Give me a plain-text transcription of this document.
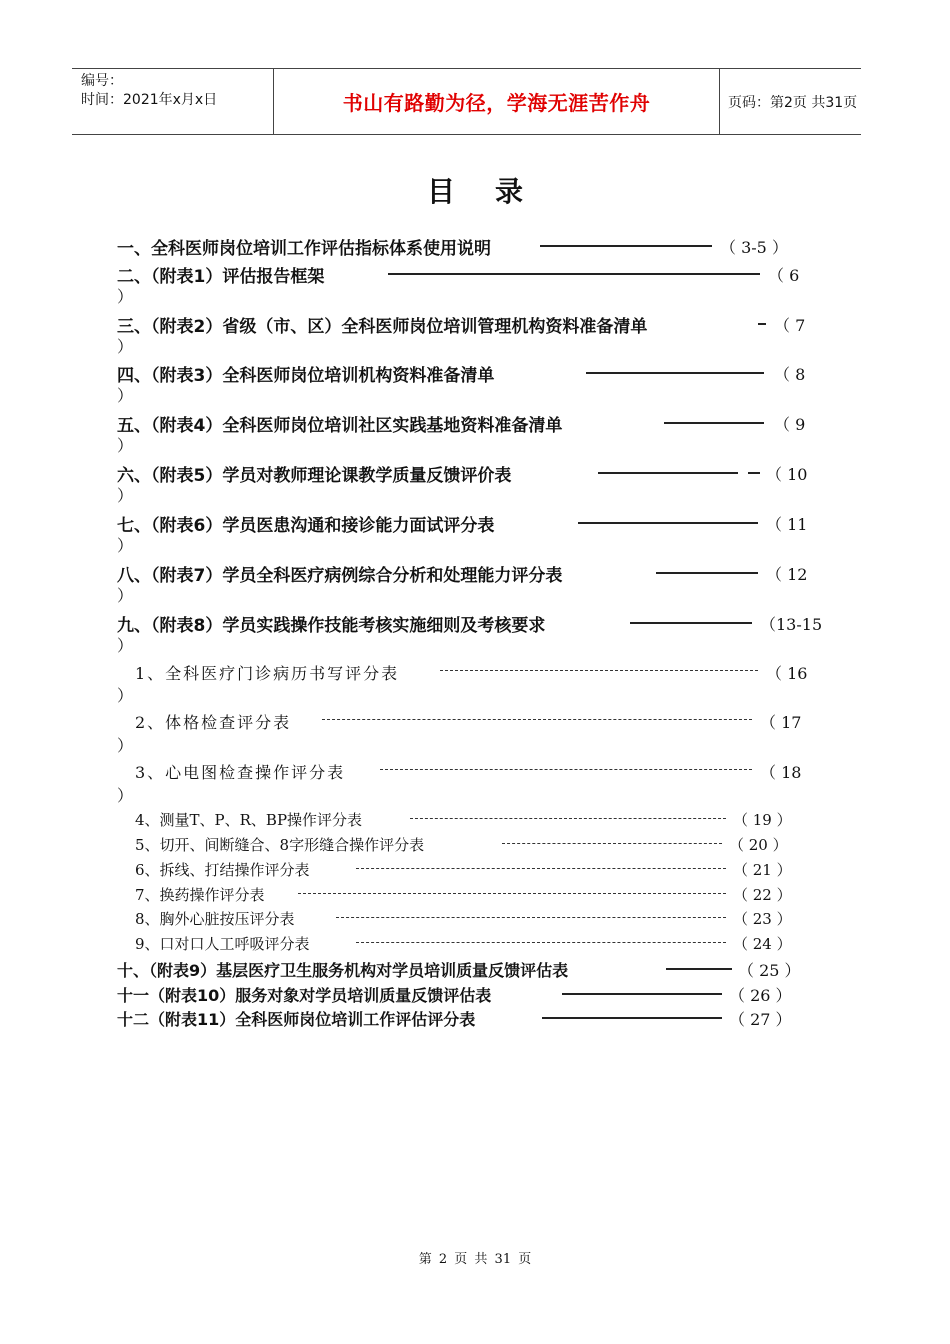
编号：
时间：2021年x月x日	书山有路勤为径，学海无涯苦作舟	页码：第2页 共31页
目录
一、全科医师岗位培训工作评估指标体系使用说明	（ 3-5 ）
二、（附表1）评估报告框架	（ 6
）
三、（附表2）省级（市、区）全科医师岗位培训管理机构资料准备清单	（ 7
）
四、（附表3）全科医师岗位培训机构资料准备清单	（ 8
）
五、（附表4）全科医师岗位培训社区实践基地资料准备清单	（ 9
）
六、（附表5）学员对教师理论课教学质量反馈评价表	（ 10
）
七、（附表6）学员医患沟通和接诊能力面试评分表	（ 11
）
八、（附表7）学员全科医疗病例综合分析和处理能力评分表	（ 12
）
九、（附表8）学员实践操作技能考核实施细则及考核要求	（13-15
）
1、全科医疗门诊病历书写评分表	（ 16
）
2、体格检查评分表	（ 17
）
3、心电图检查操作评分表	（ 18
）
4、测量T、P、R、BP操作评分表	（ 19 ）
5、切开、间断缝合、8字形缝合操作评分表	（ 20 ）
6、拆线、打结操作评分表	（ 21 ）
7、换药操作评分表	（ 22 ）
8、胸外心脏按压评分表	（ 23 ）
9、口对口人工呼吸评分表	（ 24 ）
十、（附表9）基层医疗卫生服务机构对学员培训质量反馈评估表	（ 25 ）
十一（附表10）服务对象对学员培训质量反馈评估表	（ 26 ）
十二（附表11）全科医师岗位培训工作评估评分表	（ 27 ）
第 2 页 共 31 页
